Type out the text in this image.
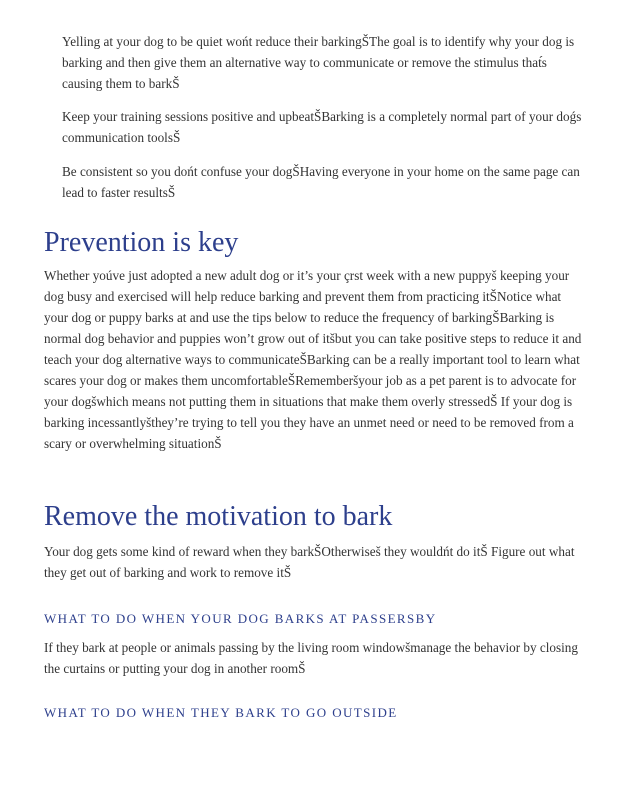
Yelling at your dog to be quiet wońt reduce their barkingŠThe goal is to identify why your dog is barking and then give them an alternative way to communicate or remove the stimulus that́s causing them to barkŠ

Keep your training sessions positive and upbeatŠBarking is a completely normal part of your doǵs communication toolsŠ

Be consistent so you dońt confuse your dogŠHaving everyone in your home on the same page can lead to faster resultsŠ

Prevention is key

Whether yoúve just adopted a new adult dog or it’s your çrst week with a new puppyš keeping your dog busy and exercised will help reduce barking and prevent them from practicing itŠNotice what your dog or puppy barks at and use the tips below to reduce the frequency of barkingŠBarking is normal dog behavior and puppies won’t grow out of itšbut you can take positive steps to reduce it and teach your dog alternative ways to communicateŠBarking can be a really important tool to learn what scares your dog or makes them uncomfortableŠRememberšyour job as a pet parent is to advocate for your dogšwhich means not putting them in situations that make them overly stressedŠ If your dog is barking incessantlyšthey’re trying to tell you they have an unmet need or need to be removed from a scary or overwhelming situationŠ

Remove the motivation to bark

Your dog gets some kind of reward when they barkŠOtherwiseš they wouldńt do itŠ Figure out what they get out of barking and work to remove itŠ

WHAT TO DO WHEN YOUR DOG BARKS AT PASSERSBY

If they bark at people or animals passing by the living room windowšmanage the behavior by closing the curtains or putting your dog in another roomŠ

WHAT TO DO WHEN THEY BARK TO GO OUTSIDE
